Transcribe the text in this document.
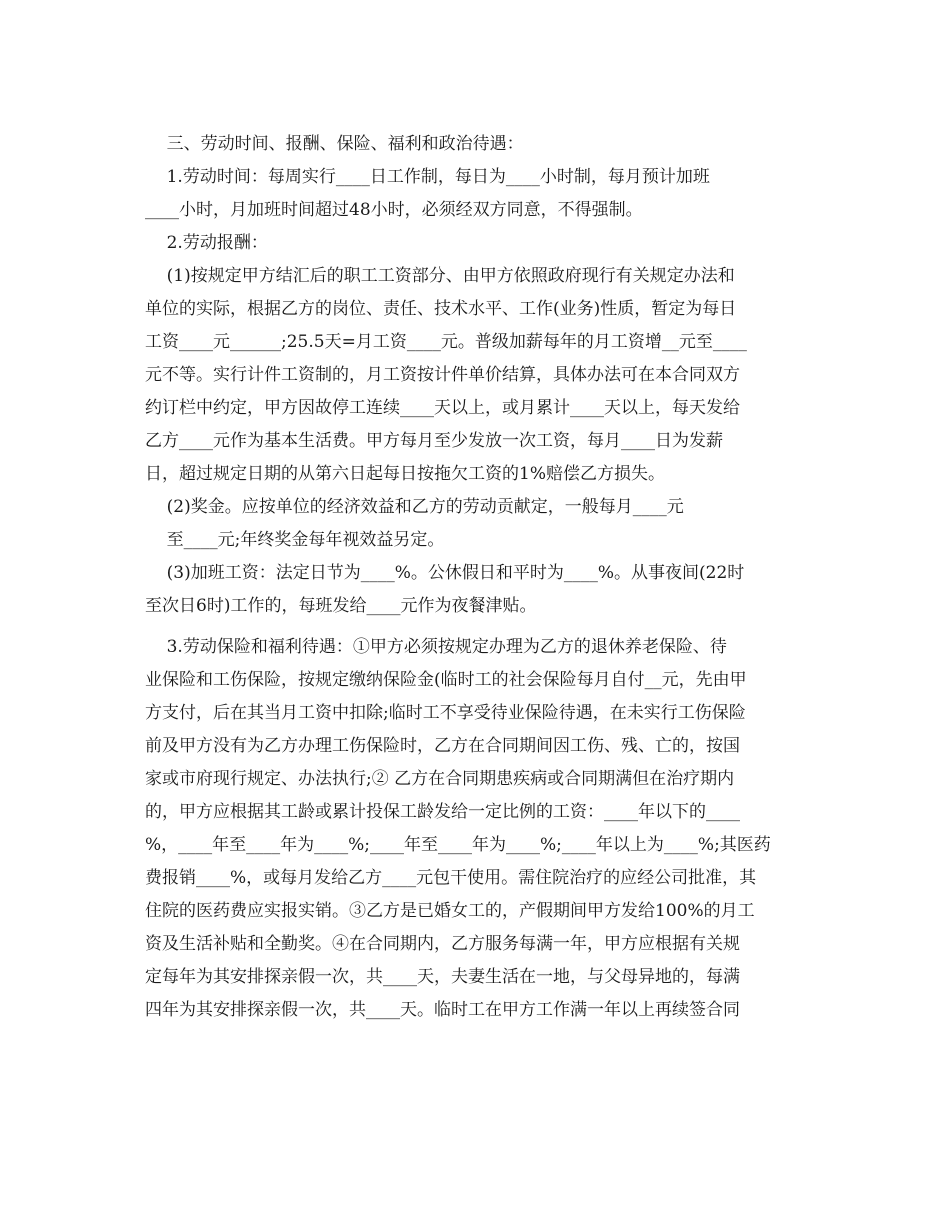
三、劳动时间、报酬、保险、福利和政治待遇：
1.劳动时间：每周实行____日工作制，每日为____小时制，每月预计加班
____小时，月加班时间超过48小时，必须经双方同意，不得强制。
2.劳动报酬：
(1)按规定甲方结汇后的职工工资部分、由甲方依照政府现行有关规定办法和
单位的实际，根据乙方的岗位、责任、技术水平、工作(业务)性质，暂定为每日
工资____元______;25.5天=月工资____元。普级加薪每年的月工资增__元至____
元不等。实行计件工资制的，月工资按计件单价结算，具体办法可在本合同双方
约订栏中约定，甲方因故停工连续____天以上，或月累计____天以上，每天发给
乙方____元作为基本生活费。甲方每月至少发放一次工资，每月____日为发薪
日，超过规定日期的从第六日起每日按拖欠工资的1%赔偿乙方损失。
(2)奖金。应按单位的经济效益和乙方的劳动贡献定，一般每月____元
至____元;年终奖金每年视效益另定。
(3)加班工资：法定日节为____%。公休假日和平时为____%。从事夜间(22时
至次日6时)工作的，每班发给____元作为夜餐津贴。
3.劳动保险和福利待遇：①甲方必须按规定办理为乙方的退休养老保险、待
业保险和工伤保险，按规定缴纳保险金(临时工的社会保险每月自付__元，先由甲
方支付，后在其当月工资中扣除;临时工不享受待业保险待遇，在未实行工伤保险
前及甲方没有为乙方办理工伤保险时，乙方在合同期间因工伤、残、亡的，按国
家或市府现行规定、办法执行;② 乙方在合同期患疾病或合同期满但在治疗期内
的，甲方应根据其工龄或累计投保工龄发给一定比例的工资：____年以下的____
%，____年至____年为____%;____年至____年为____%;____年以上为____%;其医药
费报销____%，或每月发给乙方____元包干使用。需住院治疗的应经公司批准，其
住院的医药费应实报实销。③乙方是已婚女工的，产假期间甲方发给100%的月工
资及生活补贴和全勤奖。④在合同期内，乙方服务每满一年，甲方应根据有关规
定每年为其安排探亲假一次，共____天，夫妻生活在一地，与父母异地的，每满
四年为其安排探亲假一次，共____天。临时工在甲方工作满一年以上再续签合同
